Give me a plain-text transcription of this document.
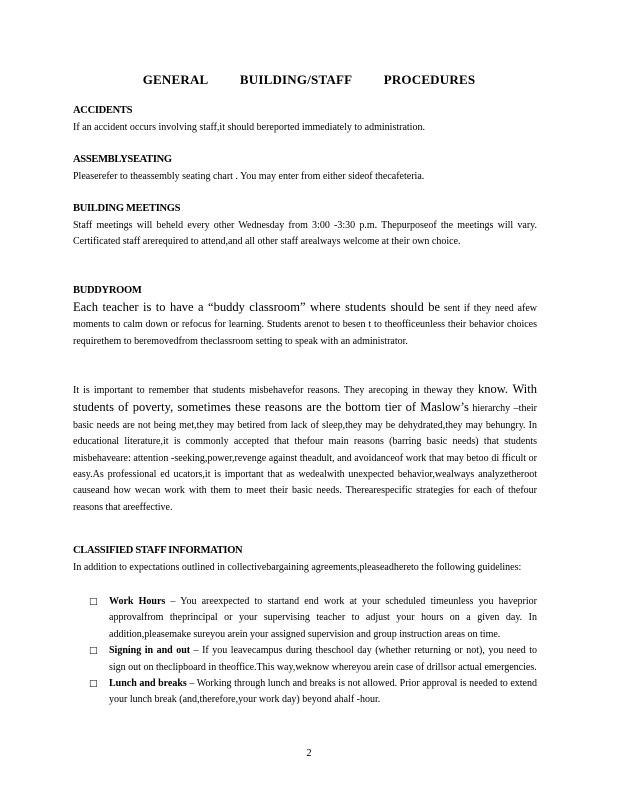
GENERAL BUILDING/STAFF PROCEDURES
ACCIDENTS
If an accident occurs involving staff,it should bereported immediately to administration.
ASSEMBLYSEATING
Pleaserefer to theassembly seating chart . You may enter from either sideof thecafeteria.
BUILDING MEETINGS
Staff meetings will beheld every other Wednesday from 3:00 -3:30 p.m. Thepurposeof the meetings will vary. Certificated staff arerequired to attend,and all other staff arealways welcome at their own choice.
BUDDYROOM
Each teacher is to have a “buddy classroom” where students should be sent if they need afew moments to calm down or refocus for learning. Students arenot to besen t to theofficeunless their behavior choices requirethem to beremovedfrom theclassroom setting to speak with an administrator.
It is important to remember that students misbehavefor reasons. They arecoping in theway they know. With students of poverty, sometimes these reasons are the bottom tier of Maslow’s hierarchy –their basic needs are not being met,they may betired from lack of sleep,they may be dehydrated,they may behungry. In educational literature,it is commonly accepted that thefour main reasons (barring basic needs) that students misbehaveare: attention -seeking,power,revenge against theadult, and avoidanceof work that may betoo di fficult or easy.As professional ed ucators,it is important that as wedealwith unexpected behavior,wealways analyzetheroot causeand how wecan work with them to meet their basic needs. Therearespecific strategies for each of thefour reasons that areeffective.
CLASSIFIED STAFF INFORMATION
In addition to expectations outlined in collectivebargaining agreements,pleaseadhereto the following guidelines:
□ Work Hours – You areexpected to startand end work at your scheduled timeunless you haveprior approvalfrom theprincipal or your supervising teacher to adjust your hours on a given day. In addition,pleasemake sureyou arein your assigned supervision and group instruction areas on time.
□ Signing in and out – If you leavecampus during theschool day (whether returning or not), you need to sign out on theclipboard in theoffice.This way,weknow whereyou arein case of drillsor actual emergencies.
□ Lunch and breaks – Working through lunch and breaks is not allowed. Prior approval is needed to extend your lunch break (and,therefore,your work day) beyond ahalf -hour.
2
